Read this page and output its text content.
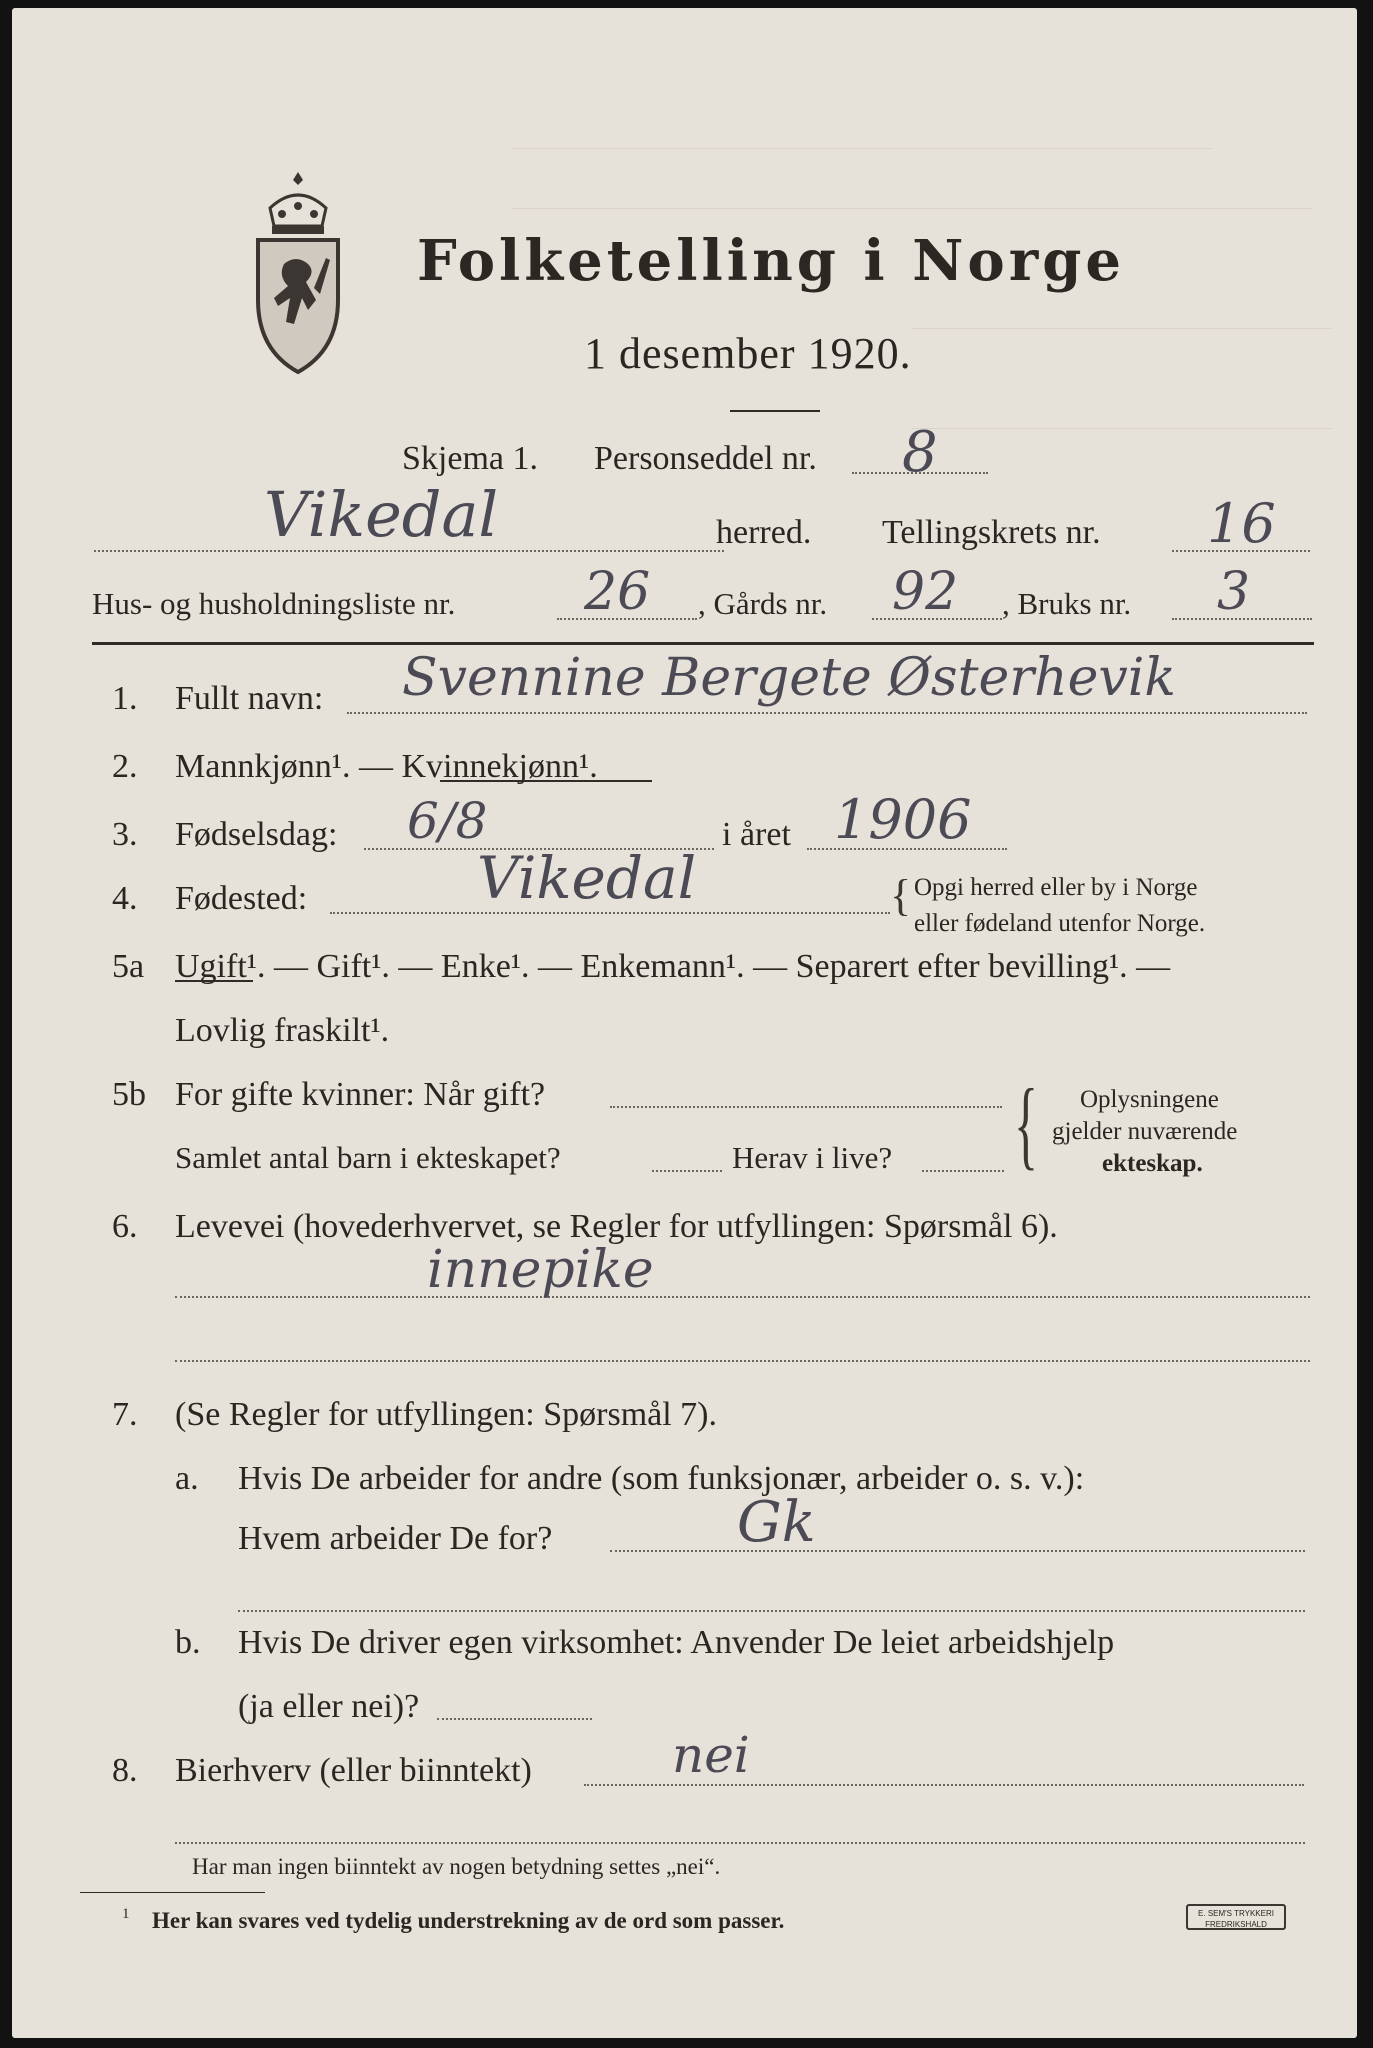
Folketelling i Norge
1 desember 1920.
Skjema 1. Personseddel nr. 8
Vikedal	herred. Tellingskrets nr. 16
Hus- og husholdningsliste nr. 26 , Gårds nr. 92 , Bruks nr. 3
1. Fullt navn: Svennine Bergete Østerhevik
2. Mannkjønn¹. — Kvinnekjønn¹.
3. Fødselsdag: 6/8	i året 1906
4. Fødested:	Vikedal	{ Opgi herred eller by i Norge
eller fødeland utenfor Norge.
5a Ugift¹. — Gift¹. — Enke¹. — Enkemann¹. — Separert efter bevilling¹. —
Lovlig fraskilt¹.
5b For gifte kvinner: Når gift?
Samlet antal barn i ekteskapet?	Herav i live? { Oplysningene
gjelder nuværende
ekteskap.
6. Levevei (hovederhvervet, se Regler for utfyllingen: Spørsmål 6).
innepike
7. (Se Regler for utfyllingen: Spørsmål 7).
a. Hvis De arbeider for andre (som funksjonær, arbeider o. s. v.):
Hvem arbeider De for?	Gk
b. Hvis De driver egen virksomhet: Anvender De leiet arbeidshjelp
(ja eller nei)?
8. Bierhverv (eller biinntekt)	nei
Har man ingen biinntekt av nogen betydning settes „nei“.
1 Her kan svares ved tydelig understrekning av de ord som passer.	E. SEM'S TRYKKERI FREDRIKSHALD
